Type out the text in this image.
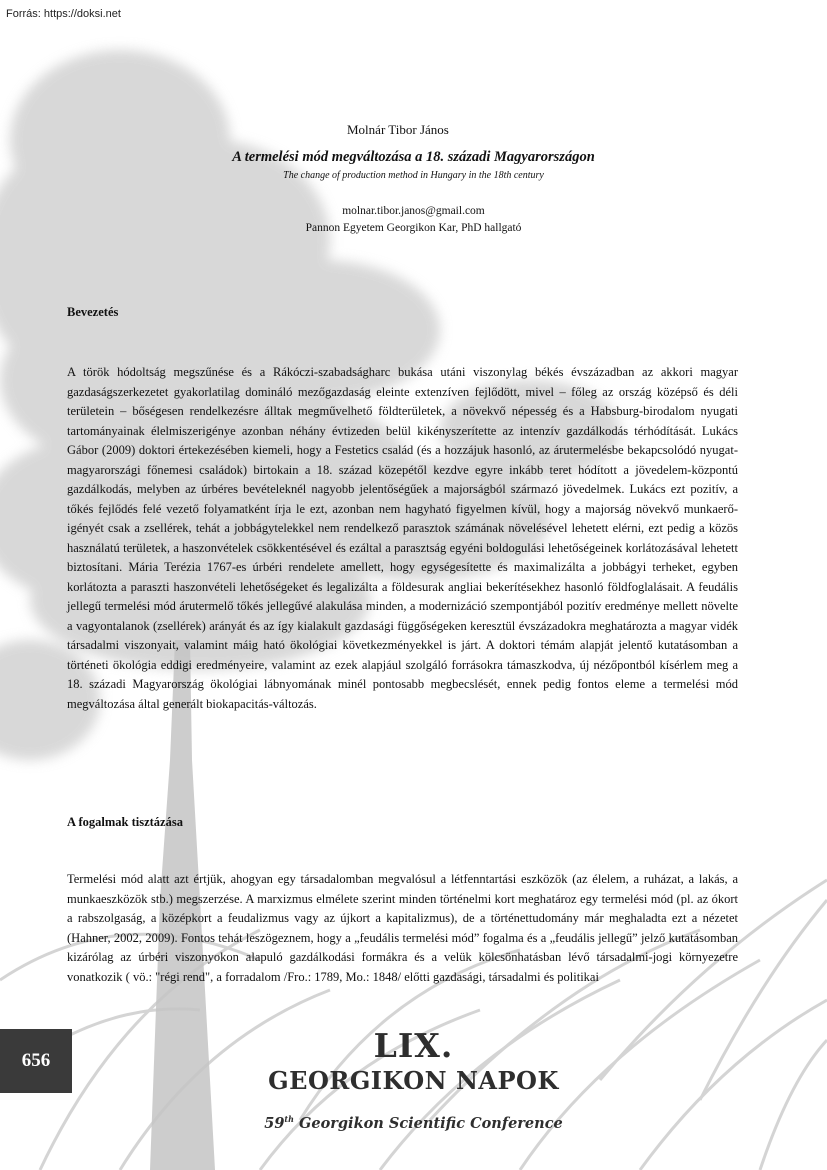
Forrás: https://doksi.net
Molnár Tibor János
A termelési mód megváltozása a 18. századi Magyarországon
The change of production method in Hungary in the 18th century
molnar.tibor.janos@gmail.com
Pannon Egyetem Georgikon Kar, PhD hallgató
Bevezetés

A török hódoltság megszűnése és a Rákóczi-szabadságharc bukása utáni viszonylag békés évszázadban az akkori magyar gazdaságszerkezetet gyakorlatilag domináló mezőgazdaság eleinte extenzíven fejlődött, mivel – főleg az ország középső és déli területein – bőségesen rendelkezésre álltak megművelhető földterületek, a növekvő népesség és a Habsburg-birodalom nyugati tartományainak élelmiszerigénye azonban néhány évtizeden belül kikényszerítette az intenzív gazdálkodás térhódítását. Lukács Gábor (2009) doktori értekezésében kiemeli, hogy a Festetics család (és a hozzájuk hasonló, az árutermelésbe bekapcsolódó nyugat-magyarországi főnemesi családok) birtokain a 18. század közepétől kezdve egyre inkább teret hódított a jövedelem-központú gazdálkodás, melyben az úrbéres bevételeknél nagyobb jelentőségűek a majorságból származó jövedelmek. Lukács ezt pozitív, a tőkés fejlődés felé vezető folyamatként írja le ezt, azonban nem hagyható figyelmen kívül, hogy a majorság növekvő munkaerő-igényét csak a zsellérek, tehát a jobbágytelekkel nem rendelkező parasztok számának növelésével lehetett elérni, ezt pedig a közös használatú területek, a haszonvételek csökkentésével és ezáltal a parasztság egyéni boldogulási lehetőségeinek korlátozásával lehetett biztosítani. Mária Terézia 1767-es úrbéri rendelete amellett, hogy egységesítette és maximalizálta a jobbágyi terheket, egyben korlátozta a paraszti haszonvételi lehetőségeket és legalizálta a földesurak angliai bekerítésekhez hasonló földfoglalásait. A feudális jellegű termelési mód árutermelő tőkés jellegűvé alakulása minden, a modernizáció szempontjából pozitív eredménye mellett növelte a vagyontalanok (zsellérek) arányát és az így kialakult gazdasági függőségeken keresztül évszázadokra meghatározta a magyar vidék társadalmi viszonyait, valamint máig ható ökológiai következményekkel is járt. A doktori témám alapját jelentő kutatásomban a történeti ökológia eddigi eredményeire, valamint az ezek alapjául szolgáló forrásokra támaszkodva, új nézőpontból kísérlem meg a 18. századi Magyarország ökológiai lábnyomának minél pontosabb megbecslését, ennek pedig fontos eleme a termelési mód megváltozása által generált biokapacitás-változás.

A fogalmak tisztázása

Termelési mód alatt azt értjük, ahogyan egy társadalomban megvalósul a létfenntartási eszközök (az élelem, a ruházat, a lakás, a munkaeszközök stb.) megszerzése. A marxizmus elmélete szerint minden történelmi kort meghatároz egy termelési mód (pl. az ókort a rabszolgaság, a középkort a feudalizmus vagy az újkort a kapitalizmus), de a történettudomány már meghaladta ezt a nézetet (Hahner, 2002, 2009). Fontos tehát leszögeznem, hogy a „feudális termelési mód” fogalma és a „feudális jellegű” jelző kutatásomban kizárólag az úrbéri viszonyokon alapuló gazdálkodási formákra és a velük kölcsönhatásban lévő társadalmi-jogi környezetre vonatkozik ( vö.: "régi rend", a forradalom /Fro.: 1789, Mo.: 1848/ előtti gazdasági, társadalmi és politikai

656	LIX.
GEORGIKON NAPOK
59th Georgikon Scientific Conference
